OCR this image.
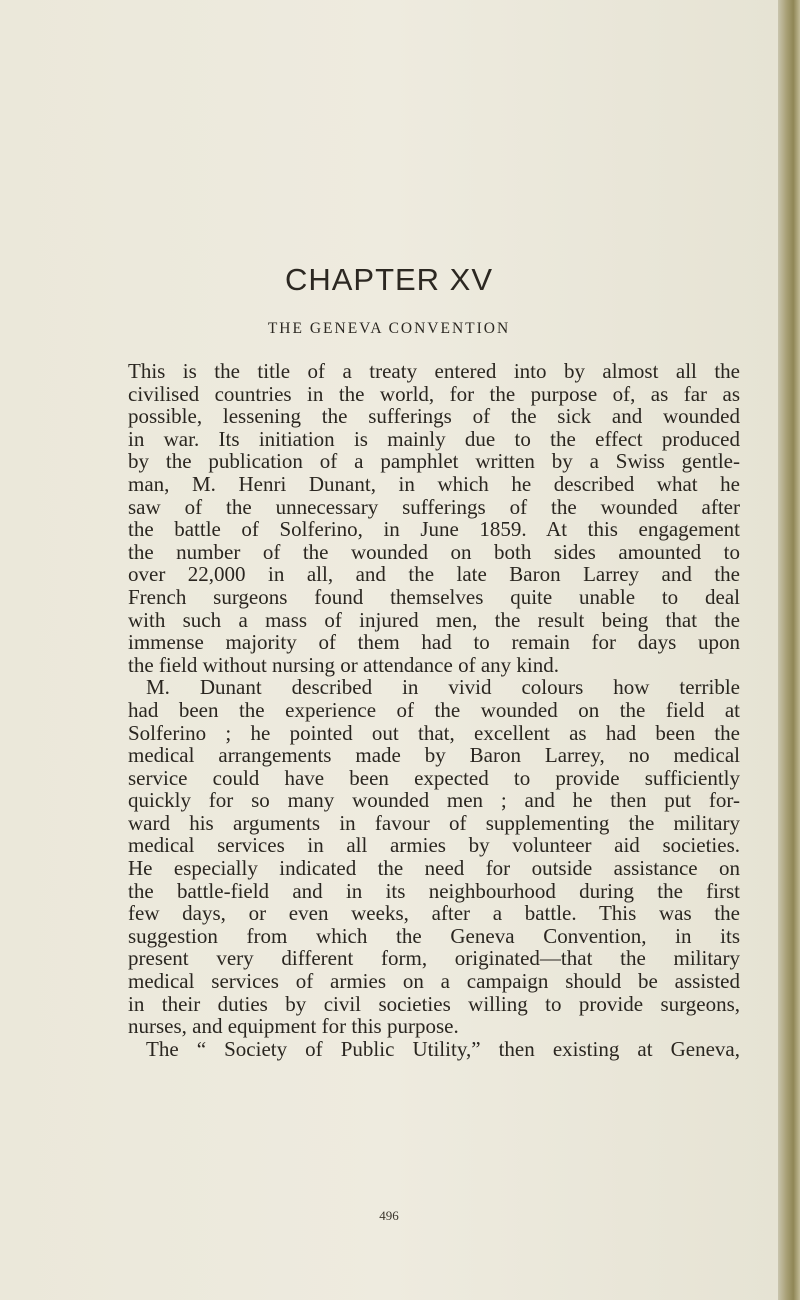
CHAPTER XV
THE GENEVA CONVENTION
This is the title of a treaty entered into by almost all the
civilised countries in the world, for the purpose of, as far as
possible, lessening the sufferings of the sick and wounded
in war. Its initiation is mainly due to the effect produced
by the publication of a pamphlet written by a Swiss gentle-
man, M. Henri Dunant, in which he described what he
saw of the unnecessary sufferings of the wounded after
the battle of Solferino, in June 1859. At this engagement
the number of the wounded on both sides amounted to
over 22,000 in all, and the late Baron Larrey and the
French surgeons found themselves quite unable to deal
with such a mass of injured men, the result being that the
immense majority of them had to remain for days upon
the field without nursing or attendance of any kind.
M. Dunant described in vivid colours how terrible
had been the experience of the wounded on the field at
Solferino ; he pointed out that, excellent as had been the
medical arrangements made by Baron Larrey, no medical
service could have been expected to provide sufficiently
quickly for so many wounded men ; and he then put for-
ward his arguments in favour of supplementing the military
medical services in all armies by volunteer aid societies.
He especially indicated the need for outside assistance on
the battle-field and in its neighbourhood during the first
few days, or even weeks, after a battle. This was the
suggestion from which the Geneva Convention, in its
present very different form, originated—that the military
medical services of armies on a campaign should be assisted
in their duties by civil societies willing to provide surgeons,
nurses, and equipment for this purpose.
The “ Society of Public Utility,” then existing at Geneva,
496
